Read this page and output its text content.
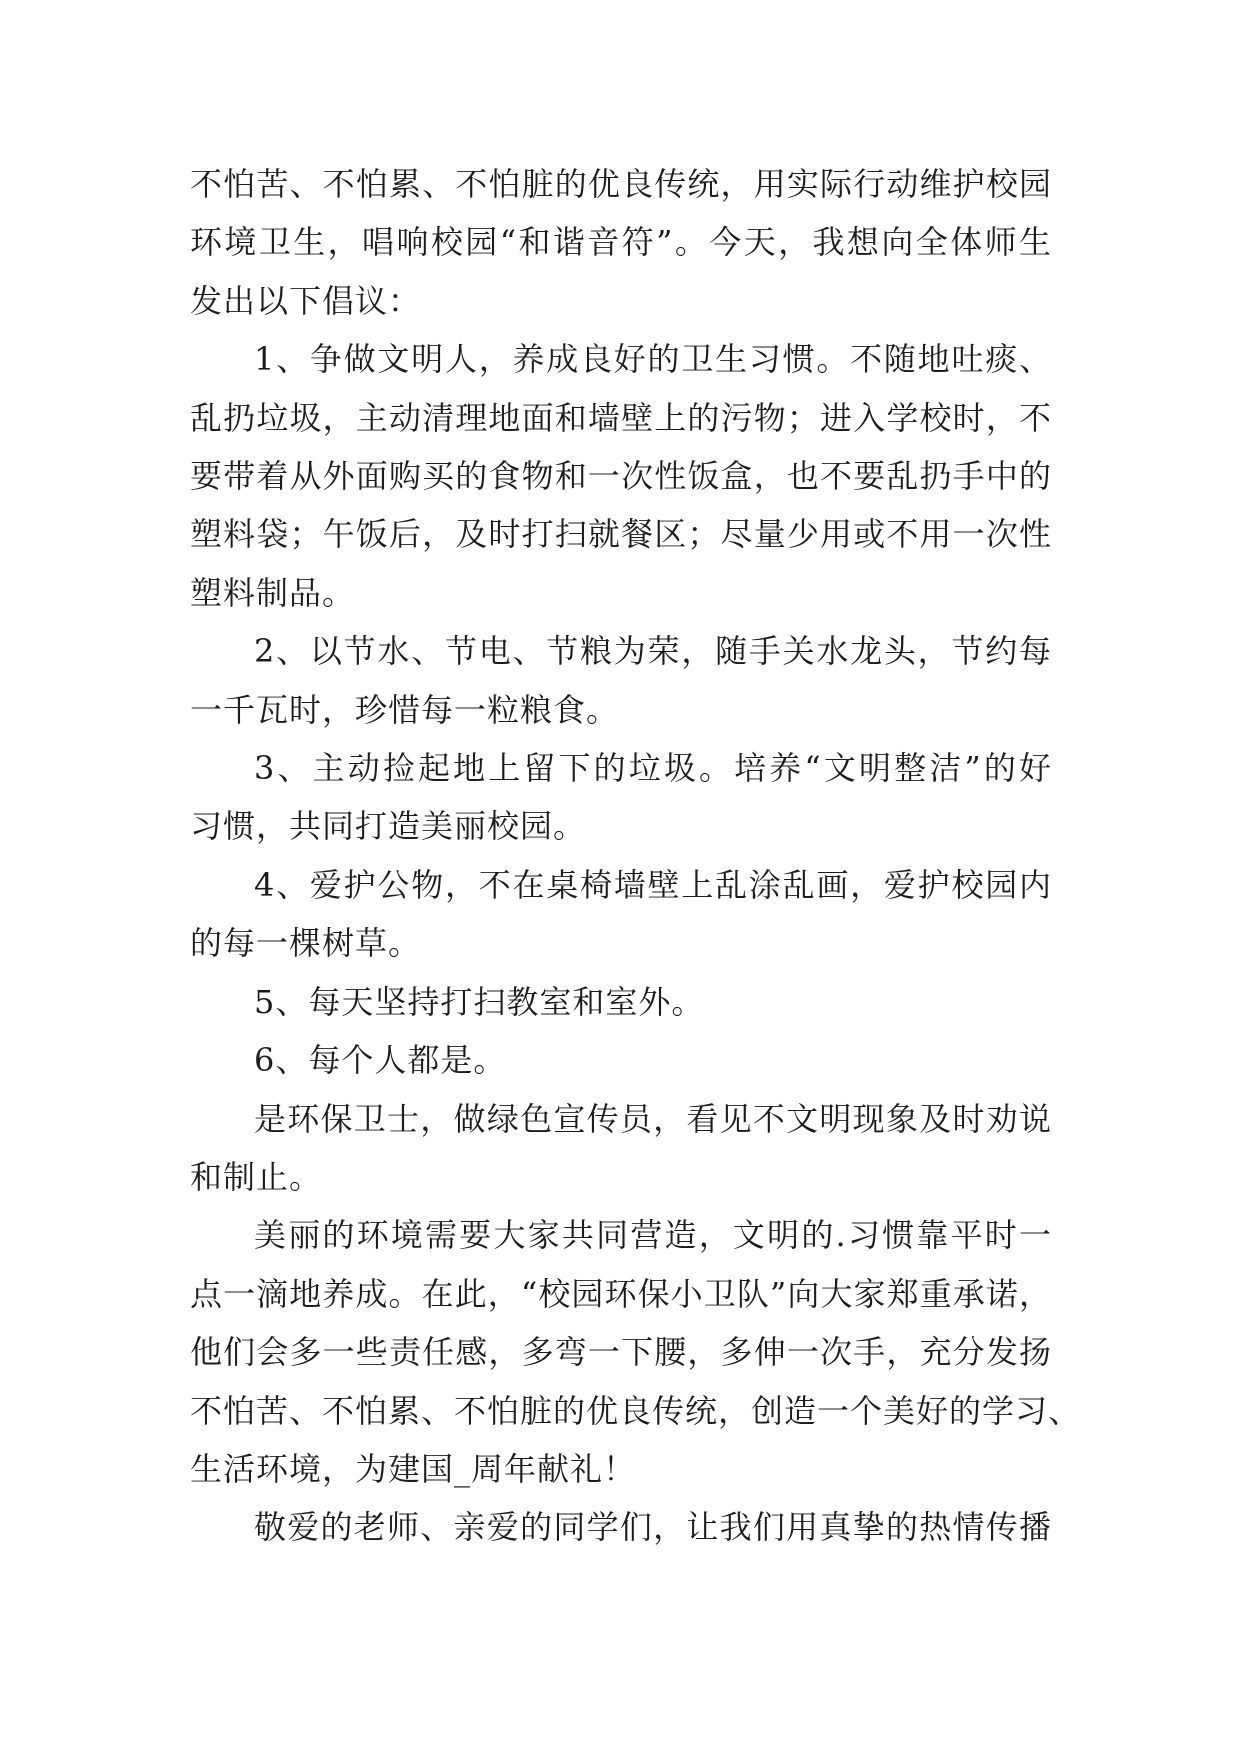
不怕苦、不怕累、不怕脏的优良传统，用实际行动维护校园
环境卫生，唱响校园“和谐音符”。今天，我想向全体师生
发出以下倡议：
1、争做文明人，养成良好的卫生习惯。不随地吐痰、
乱扔垃圾，主动清理地面和墙壁上的污物；进入学校时，不
要带着从外面购买的食物和一次性饭盒，也不要乱扔手中的
塑料袋；午饭后，及时打扫就餐区；尽量少用或不用一次性
塑料制品。
2、以节水、节电、节粮为荣，随手关水龙头，节约每
一千瓦时，珍惜每一粒粮食。
3、主动捡起地上留下的垃圾。培养“文明整洁”的好
习惯，共同打造美丽校园。
4、爱护公物，不在桌椅墙壁上乱涂乱画，爱护校园内
的每一棵树草。
5、每天坚持打扫教室和室外。
6、每个人都是。
是环保卫士，做绿色宣传员，看见不文明现象及时劝说
和制止。
美丽的环境需要大家共同营造，文明的.习惯靠平时一
点一滴地养成。在此，“校园环保小卫队”向大家郑重承诺，
他们会多一些责任感，多弯一下腰，多伸一次手，充分发扬
不怕苦、不怕累、不怕脏的优良传统，创造一个美好的学习、
生活环境，为建国_周年献礼！
敬爱的老师、亲爱的同学们，让我们用真挚的热情传播
